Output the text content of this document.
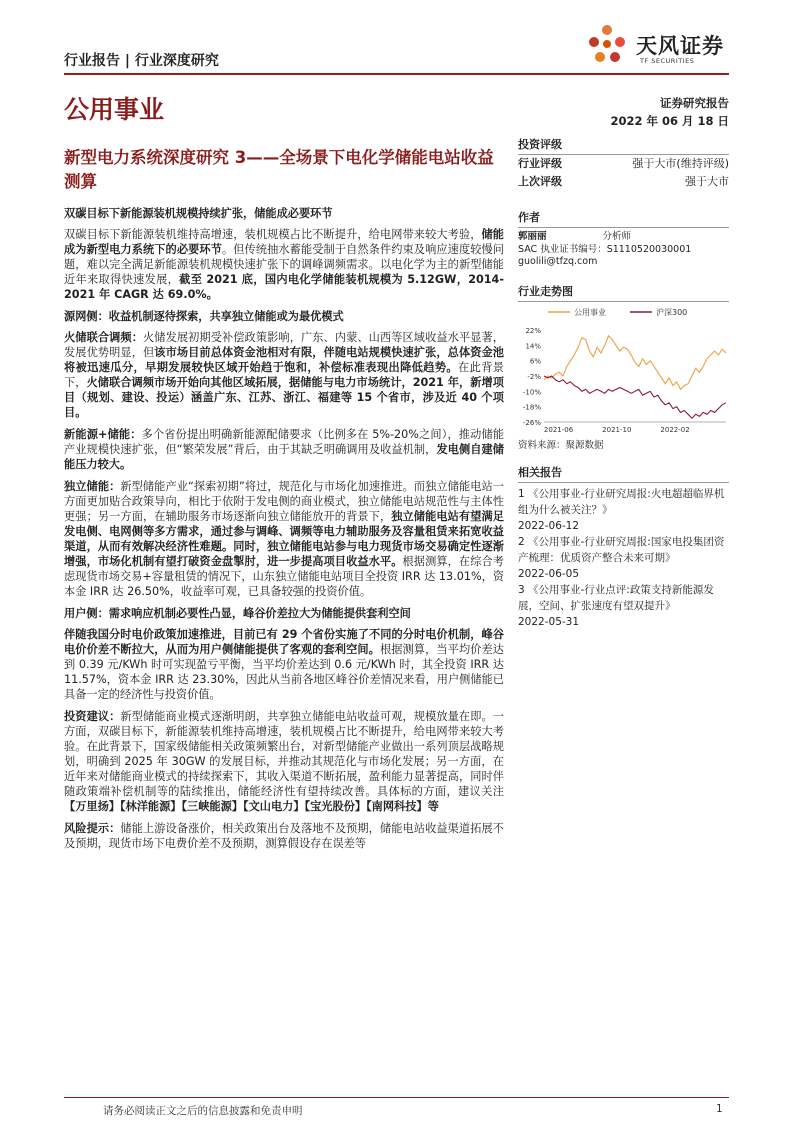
行业报告 | 行业深度研究
天风证券
TF SECURITIES
公用事业
新型电力系统深度研究 3——全场景下电化学储能电站收益测算

双碳目标下新能源装机规模持续扩张，储能成必要环节

双碳目标下新能源装机维持高增速，装机规模占比不断提升，给电网带来较大考验，储能成为新型电力系统下的必要环节。但传统抽水蓄能受制于自然条件约束及响应速度较慢问题，难以完全满足新能源装机规模快速扩张下的调峰调频需求。以电化学为主的新型储能近年来取得快速发展，截至 2021 底，国内电化学储能装机规模为 5.12GW，2014-2021 年 CAGR 达 69.0%。

源网侧：收益机制逐待探索，共享独立储能或为最优模式

火储联合调频：火储发展初期受补偿政策影响，广东、内蒙、山西等区域收益水平显著，发展优势明显，但该市场目前总体资金池相对有限，伴随电站规模快速扩张，总体资金池将被迅速瓜分，早期发展较快区域开始趋于饱和，补偿标准表现出降低趋势。在此背景下，火储联合调频市场开始向其他区域拓展，据储能与电力市场统计，2021 年，新增项目（规划、建设、投运）涵盖广东、江苏、浙江、福建等 15 个省市，涉及近 40 个项目。

新能源+储能：多个省份提出明确新能源配储要求（比例多在 5%-20%之间），推动储能产业规模快速扩张，但“繁荣发展”背后，由于其缺乏明确调用及收益机制，发电侧自建储能压力较大。

独立储能：新型储能产业“探索初期”将过，规范化与市场化加速推进。而独立储能电站一方面更加贴合政策导向，相比于依附于发电侧的商业模式，独立储能电站规范性与主体性更强；另一方面，在辅助服务市场逐渐向独立储能放开的背景下，独立储能电站有望满足发电侧、电网侧等多方需求，通过参与调峰、调频等电力辅助服务及容量租赁来拓宽收益渠道，从而有效解决经济性难题。同时，独立储能电站参与电力现货市场交易确定性逐渐增强，市场化机制有望打破资金盘掣肘，进一步提高项目收益水平。根据测算，在综合考虑现货市场交易+容量租赁的情况下，山东独立储能电站项目全投资 IRR 达 13.01%，资本金 IRR 达 26.50%，收益率可观，已具备较强的投资价值。

用户侧：需求响应机制必要性凸显，峰谷价差拉大为储能提供套利空间

伴随我国分时电价政策加速推进，目前已有 29 个省份实施了不同的分时电价机制，峰谷电价价差不断拉大，从而为用户侧储能提供了客观的套利空间。根据测算，当平均价差达到 0.39 元/KWh 时可实现盈亏平衡，当平均价差达到 0.6 元/KWh 时，其全投资 IRR 达 11.57%，资本金 IRR 达 23.30%，因此从当前各地区峰谷价差情况来看，用户侧储能已具备一定的经济性与投资价值。

投资建议：新型储能商业模式逐渐明朗，共享独立储能电站收益可观，规模放量在即。一方面，双碳目标下，新能源装机维持高增速，装机规模占比不断提升，给电网带来较大考验。在此背景下，国家级储能相关政策频繁出台，对新型储能产业做出一系列顶层战略规划，明确到 2025 年 30GW 的发展目标，并推动其规范化与市场化发展；另一方面，在近年来对储能商业模式的持续探索下，其收入渠道不断拓展，盈利能力显著提高，同时伴随政策端补偿机制等的陆续推出，储能经济性有望持续改善。具体标的方面，建议关注【万里扬】【林洋能源】【三峡能源】【文山电力】【宝光股份】【南网科技】等

风险提示：储能上游设备涨价，相关政策出台及落地不及预期，储能电站收益渠道拓展不及预期，现货市场下电费价差不及预期，测算假设存在误差等

证券研究报告
2022 年 06 月 18 日
投资评级
行业评级	强于大市(维持评级)
上次评级	强于大市
作者
郭丽丽	分析师
SAC 执业证书编号：S1110520030001
guolili@tfzq.com
行业走势图
公用事业	沪深300
22%
14%
6%
-2%
-10%
-18%
-26%
2021-06	2021-10	2022-02
资料来源：聚源数据
相关报告
1 《公用事业-行业研究周报:火电超超临界机组为什么被关注？》
2022-06-12
2 《公用事业-行业研究周报:国家电投集团资产梳理：优质资产整合未来可期》
2022-06-05
3 《公用事业-行业点评:政策支持新能源发展，空间、扩张速度有望双提升》
2022-05-31
请务必阅读正文之后的信息披露和免责申明	1
